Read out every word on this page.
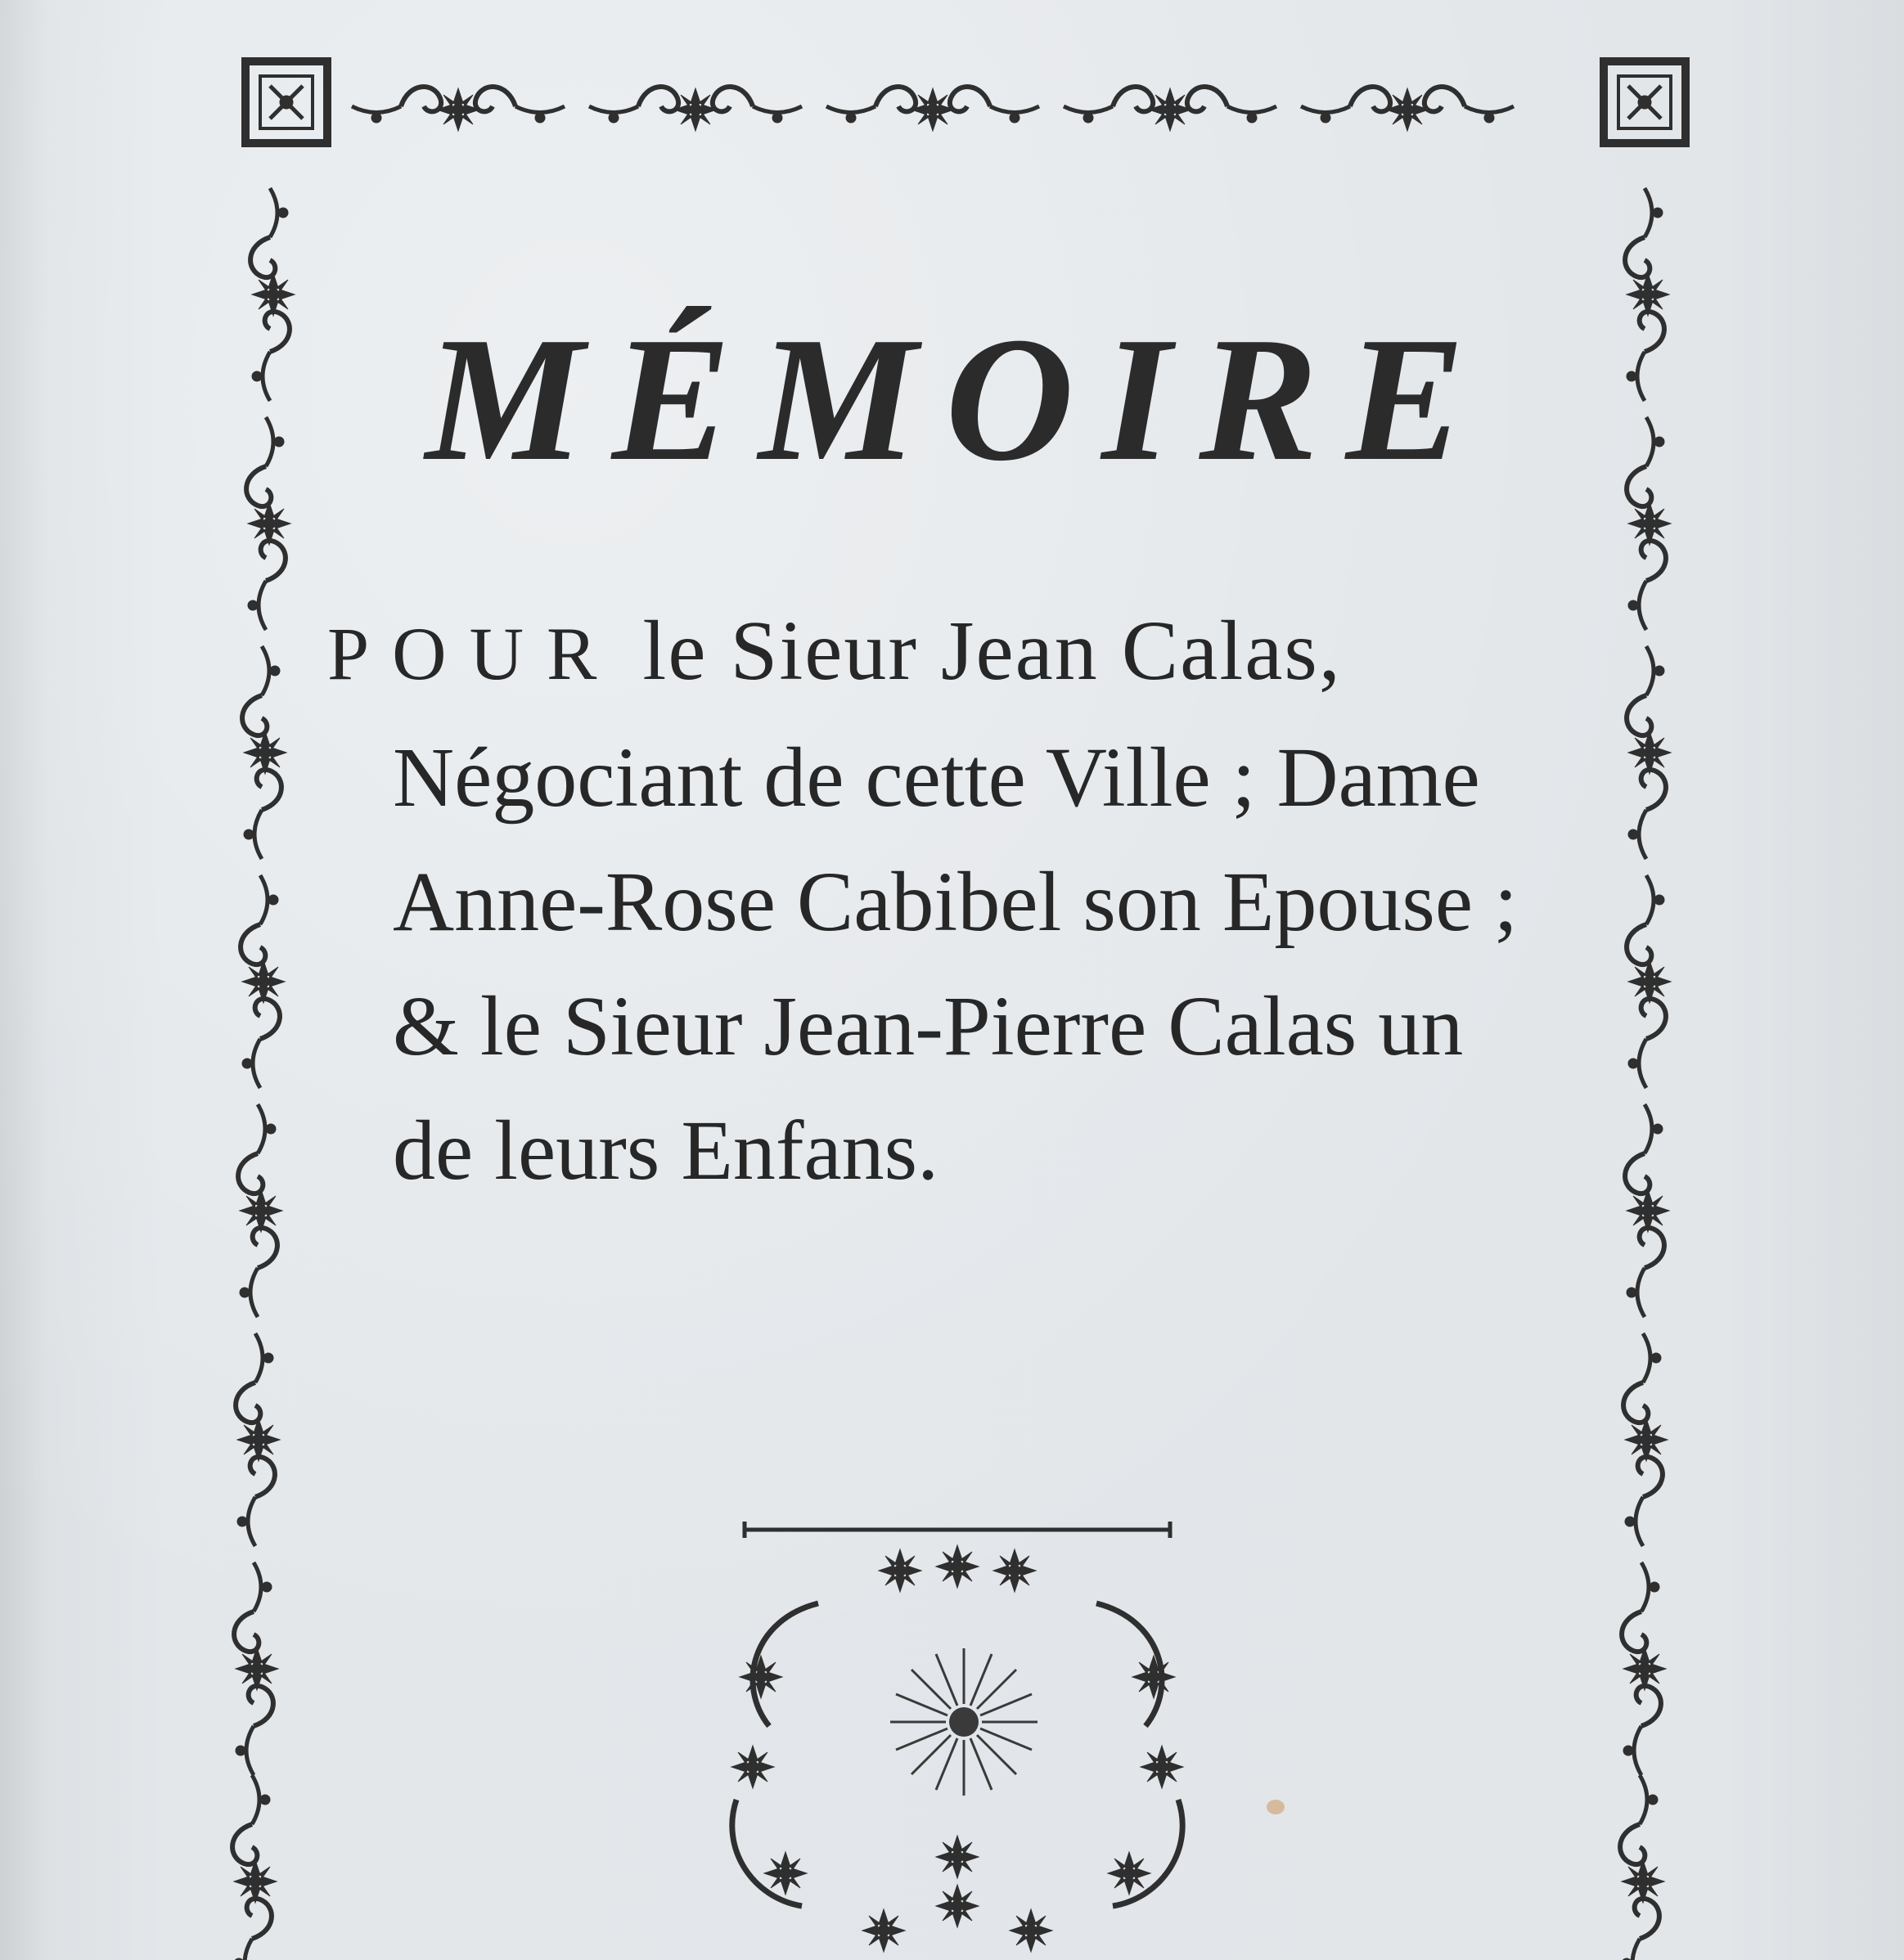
MÉMOIRE
POUR le Sieur Jean Calas,
Négociant de cette Ville ; Dame
Anne-Rose Cabibel son Epouse ;
& le Sieur Jean-Pierre Calas un
de leurs Enfans.
